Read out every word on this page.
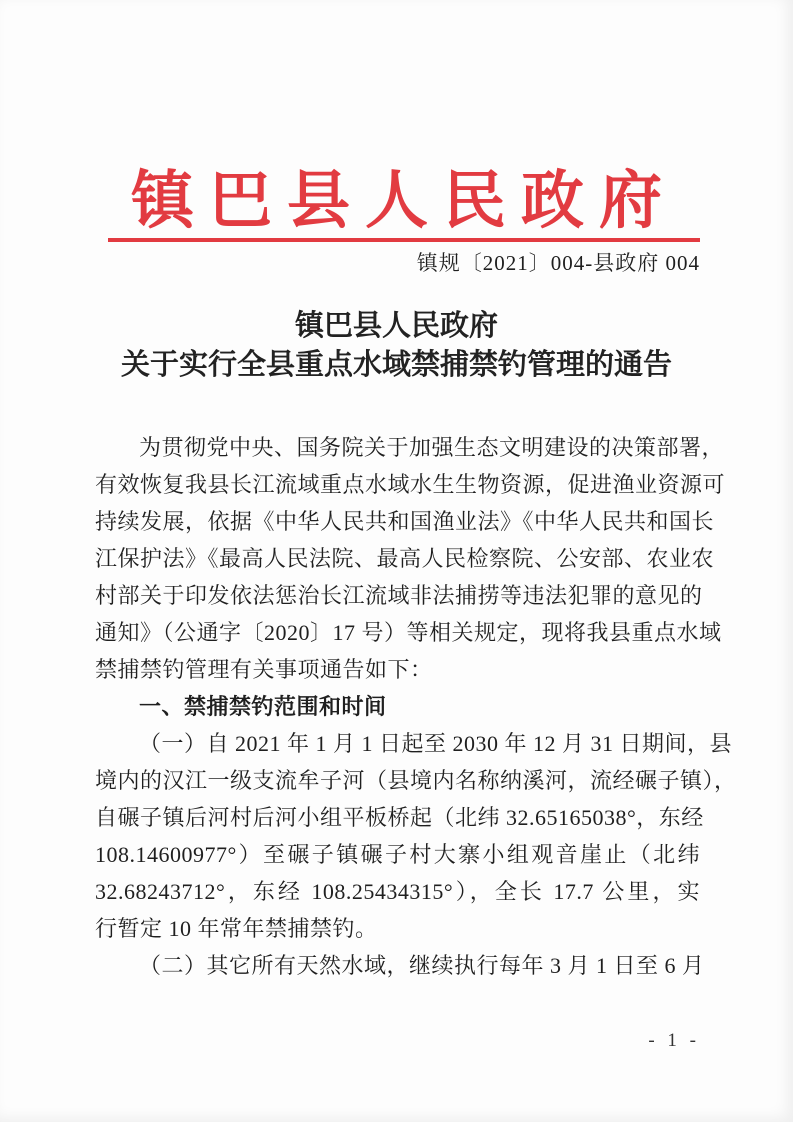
镇巴县人民政府
镇规〔2021〕004-县政府 004
镇巴县人民政府
关于实行全县重点水域禁捕禁钓管理的通告
为贯彻党中央、国务院关于加强生态文明建设的决策部署，
有效恢复我县长江流域重点水域水生生物资源，促进渔业资源可
持续发展，依据《中华人民共和国渔业法》《中华人民共和国长
江保护法》《最高人民法院、最高人民检察院、公安部、农业农
村部关于印发依法惩治长江流域非法捕捞等违法犯罪的意见的
通知》（公通字〔2020〕17 号）等相关规定，现将我县重点水域
禁捕禁钓管理有关事项通告如下：
一、禁捕禁钓范围和时间
（一）自 2021 年 1 月 1 日起至 2030 年 12 月 31 日期间，县
境内的汉江一级支流牟子河（县境内名称纳溪河，流经碾子镇），
自碾子镇后河村后河小组平板桥起（北纬 32.65165038°，东经
108.14600977°）至碾子镇碾子村大寨小组观音崖止（北纬
32.68243712°，东经 108.25434315°），全长 17.7 公里，实
行暂定 10 年常年禁捕禁钓。
（二）其它所有天然水域，继续执行每年 3 月 1 日至 6 月
- 1 -
